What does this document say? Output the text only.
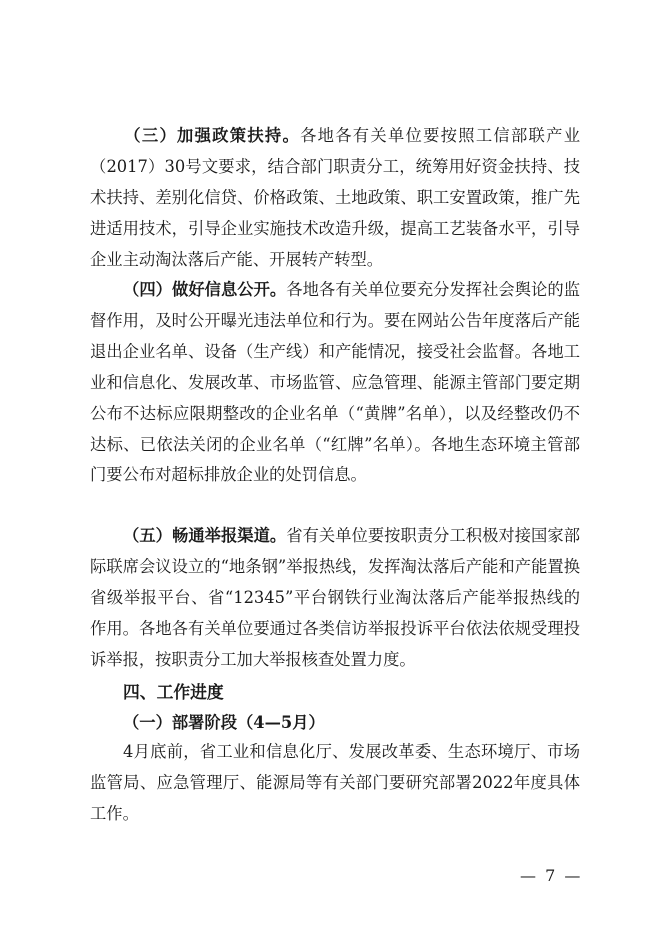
（三）加强政策扶持。各地各有关单位要按照工信部联产业（2017）30号文要求，结合部门职责分工，统筹用好资金扶持、技术扶持、差别化信贷、价格政策、土地政策、职工安置政策，推广先进适用技术，引导企业实施技术改造升级，提高工艺装备水平，引导企业主动淘汰落后产能、开展转产转型。

（四）做好信息公开。各地各有关单位要充分发挥社会舆论的监督作用，及时公开曝光违法单位和行为。要在网站公告年度落后产能退出企业名单、设备（生产线）和产能情况，接受社会监督。各地工业和信息化、发展改革、市场监管、应急管理、能源主管部门要定期公布不达标应限期整改的企业名单（“黄牌”名单），以及经整改仍不达标、已依法关闭的企业名单（“红牌”名单）。各地生态环境主管部门要公布对超标排放企业的处罚信息。

（五）畅通举报渠道。省有关单位要按职责分工积极对接国家部际联席会议设立的“地条钢”举报热线，发挥淘汰落后产能和产能置换省级举报平台、省“12345”平台钢铁行业淘汰落后产能举报热线的作用。各地各有关单位要通过各类信访举报投诉平台依法依规受理投诉举报，按职责分工加大举报核查处置力度。

四、工作进度
（一）部署阶段（4—5月）

4月底前，省工业和信息化厅、发展改革委、生态环境厅、市场监管局、应急管理厅、能源局等有关部门要研究部署2022年度具体工作。

— 7 —
